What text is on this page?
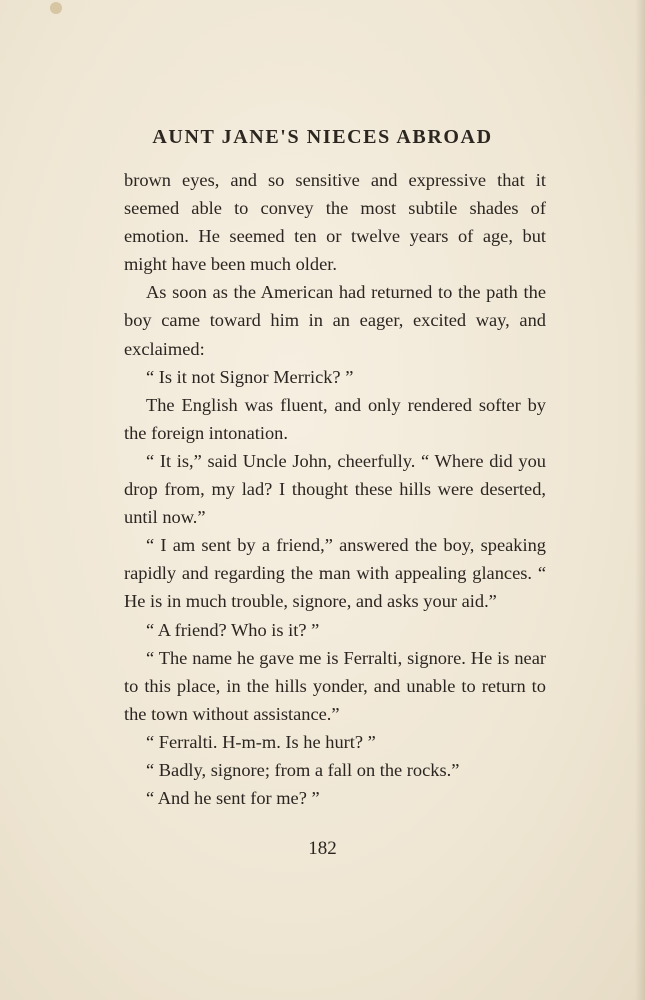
AUNT JANE'S NIECES ABROAD

brown eyes, and so sensitive and expressive that it seemed able to convey the most subtile shades of emotion. He seemed ten or twelve years of age, but might have been much older.

As soon as the American had returned to the path the boy came toward him in an eager, excited way, and exclaimed:

“ Is it not Signor Merrick? ”

The English was fluent, and only rendered softer by the foreign intonation.

“ It is,” said Uncle John, cheerfully. “ Where did you drop from, my lad? I thought these hills were deserted, until now.”

“ I am sent by a friend,” answered the boy, speaking rapidly and regarding the man with appealing glances. “ He is in much trouble, signore, and asks your aid.”

“ A friend? Who is it? ”

“ The name he gave me is Ferralti, signore. He is near to this place, in the hills yonder, and unable to return to the town without assistance.”

“ Ferralti. H-m-m. Is he hurt? ”

“ Badly, signore; from a fall on the rocks.”

“ And he sent for me? ”

182
